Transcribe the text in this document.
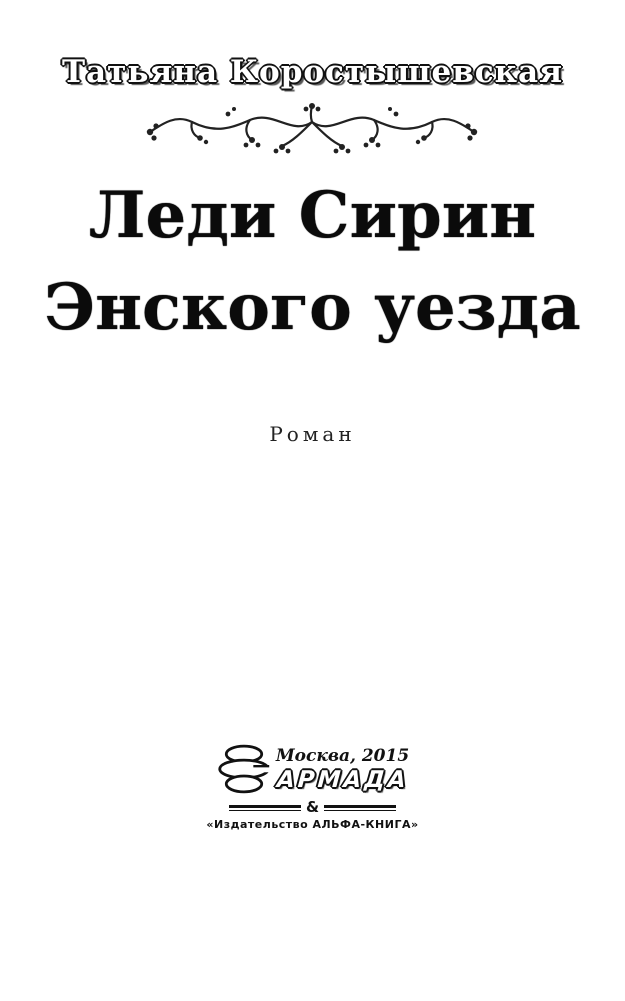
Татьяна Коростышевская
Леди Сирин
Энского уезда
Роман
Москва, 2015
АРМАДА
&
«Издательство АЛЬФА-КНИГА»
